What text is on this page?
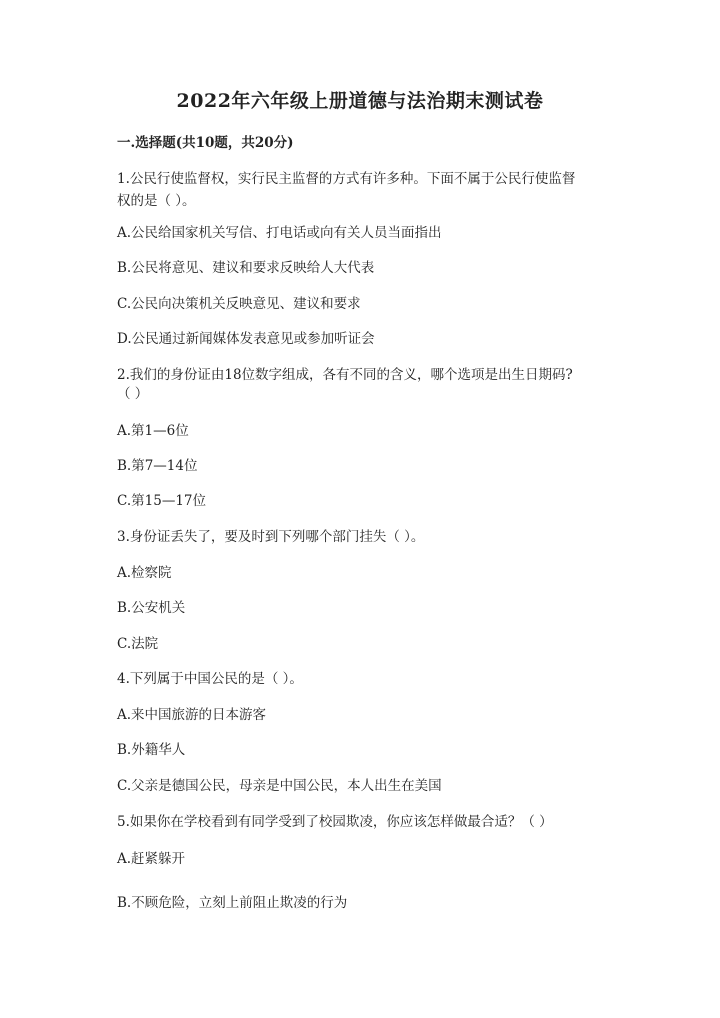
2022年六年级上册道德与法治期末测试卷
一.选择题(共10题，共20分)
1.公民行使监督权，实行民主监督的方式有许多种。下面不属于公民行使监督
权的是（ ）。
A.公民给国家机关写信、打电话或向有关人员当面指出
B.公民将意见、建议和要求反映给人大代表
C.公民向决策机关反映意见、建议和要求
D.公民通过新闻媒体发表意见或参加听证会
2.我们的身份证由18位数字组成，各有不同的含义，哪个选项是出生日期码?
（ ）
A.第1—6位
B.第7—14位
C.第15—17位
3.身份证丢失了，要及时到下列哪个部门挂失（ ）。
A.检察院
B.公安机关
C.法院
4.下列属于中国公民的是（ ）。
A.来中国旅游的日本游客
B.外籍华人
C.父亲是德国公民，母亲是中国公民，本人出生在美国
5.如果你在学校看到有同学受到了校园欺凌，你应该怎样做最合适？（ ）
A.赶紧躲开
B.不顾危险，立刻上前阻止欺凌的行为
